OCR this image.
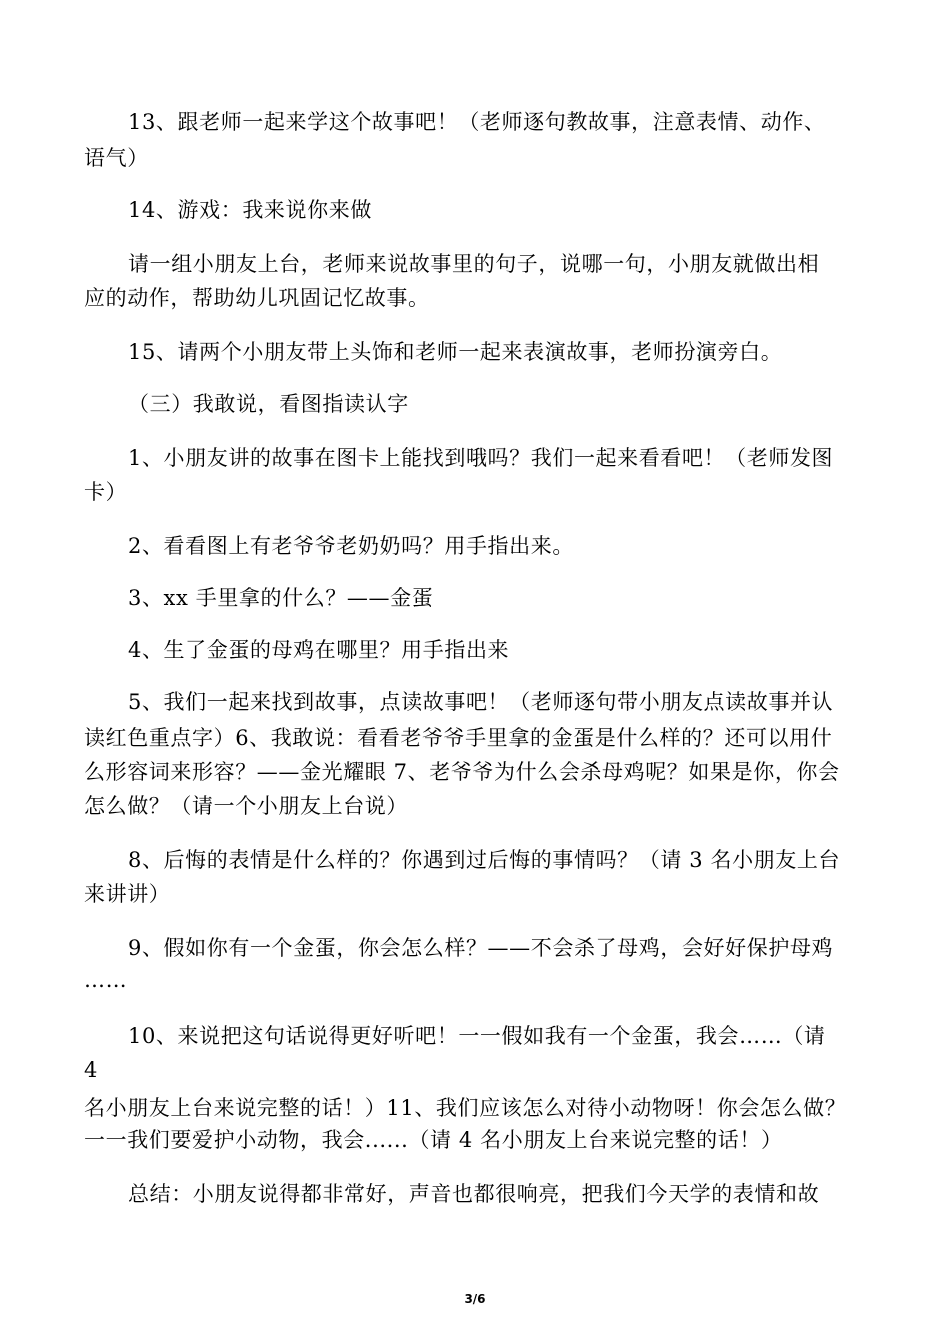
13、跟老师一起来学这个故事吧！（老师逐句教故事，注意表情、动作、
语气）
14、游戏：我来说你来做
请一组小朋友上台，老师来说故事里的句子，说哪一句，小朋友就做出相
应的动作，帮助幼儿巩固记忆故事。
15、请两个小朋友带上头饰和老师一起来表演故事，老师扮演旁白。
（三）我敢说，看图指读认字
1、小朋友讲的故事在图卡上能找到哦吗？我们一起来看看吧！（老师发图
卡）
2、看看图上有老爷爷老奶奶吗？用手指出来。
3、xx 手里拿的什么？——金蛋
4、生了金蛋的母鸡在哪里？用手指出来
5、我们一起来找到故事，点读故事吧！（老师逐句带小朋友点读故事并认
读红色重点字）6、我敢说：看看老爷爷手里拿的金蛋是什么样的？还可以用什
么形容词来形容？——金光耀眼 7、老爷爷为什么会杀母鸡呢？如果是你，你会
怎么做？（请一个小朋友上台说）
8、后悔的表情是什么样的？你遇到过后悔的事情吗？（请 3 名小朋友上台
来讲讲）
9、假如你有一个金蛋，你会怎么样？——不会杀了母鸡，会好好保护母鸡
……
10、来说把这句话说得更好听吧！一一假如我有一个金蛋，我会……（请
4
名小朋友上台来说完整的话！）11、我们应该怎么对待小动物呀！你会怎么做？
一一我们要爱护小动物，我会......（请 4 名小朋友上台来说完整的话！）
总结：小朋友说得都非常好，声音也都很响亮，把我们今天学的表情和故
3/6
